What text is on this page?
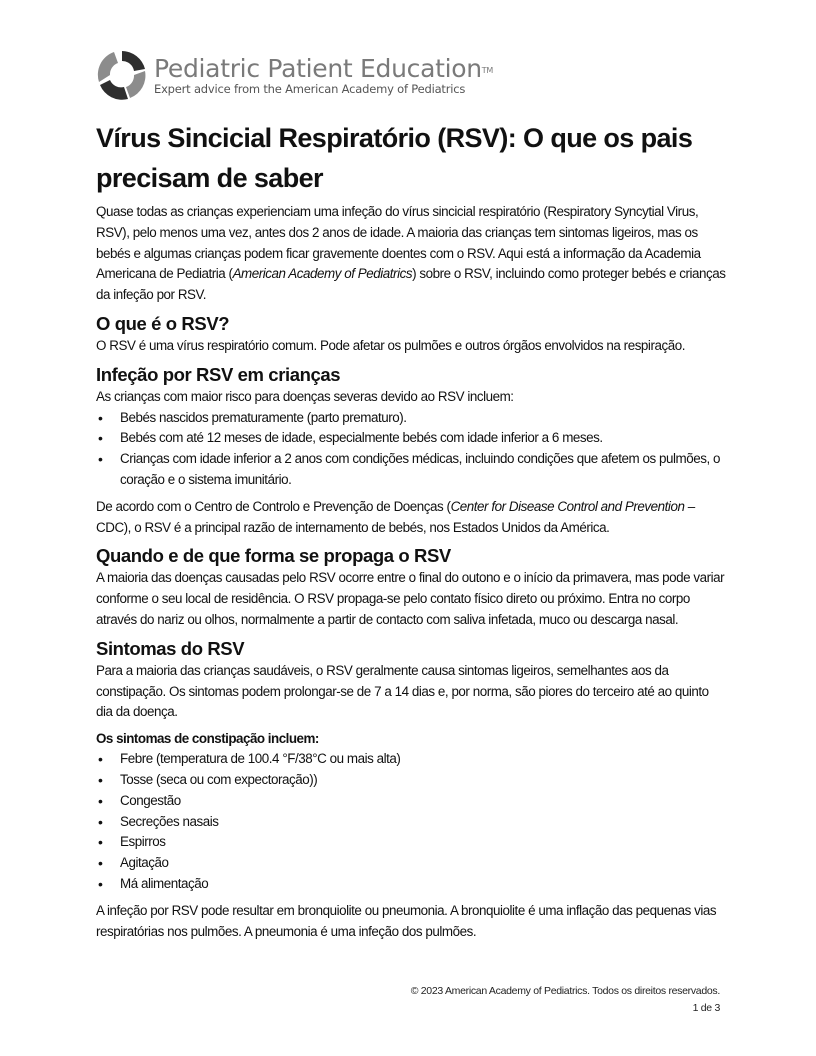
Pediatric Patient Education™
Expert advice from the American Academy of Pediatrics
Vírus Sincicial Respiratório (RSV): O que os pais precisam de saber

Quase todas as crianças experienciam uma infeção do vírus sincicial respiratório (Respiratory Syncytial Virus, RSV), pelo menos uma vez, antes dos 2 anos de idade. A maioria das crianças tem sintomas ligeiros, mas os bebés e algumas crianças podem ficar gravemente doentes com o RSV. Aqui está a informação da Academia Americana de Pediatria (American Academy of Pediatrics) sobre o RSV, incluindo como proteger bebés e crianças da infeção por RSV.

O que é o RSV?

O RSV é uma vírus respiratório comum. Pode afetar os pulmões e outros órgãos envolvidos na respiração.

Infeção por RSV em crianças

As crianças com maior risco para doenças severas devido ao RSV incluem:

• Bebés nascidos prematuramente (parto prematuro).
• Bebés com até 12 meses de idade, especialmente bebés com idade inferior a 6 meses.
• Crianças com idade inferior a 2 anos com condições médicas, incluindo condições que afetem os pulmões, o coração e o sistema imunitário.

De acordo com o Centro de Controlo e Prevenção de Doenças (Center for Disease Control and Prevention – CDC), o RSV é a principal razão de internamento de bebés, nos Estados Unidos da América.

Quando e de que forma se propaga o RSV

A maioria das doenças causadas pelo RSV ocorre entre o final do outono e o início da primavera, mas pode variar conforme o seu local de residência. O RSV propaga-se pelo contato físico direto ou próximo. Entra no corpo através do nariz ou olhos, normalmente a partir de contacto com saliva infetada, muco ou descarga nasal.

Sintomas do RSV

Para a maioria das crianças saudáveis, o RSV geralmente causa sintomas ligeiros, semelhantes aos da constipação. Os sintomas podem prolongar-se de 7 a 14 dias e, por norma, são piores do terceiro até ao quinto dia da doença.

Os sintomas de constipação incluem:
• Febre (temperatura de 100.4 °F/38°C ou mais alta)
• Tosse (seca ou com expectoração))
• Congestão
• Secreções nasais
• Espirros
• Agitação
• Má alimentação

A infeção por RSV pode resultar em bronquiolite ou pneumonia. A bronquiolite é uma inflação das pequenas vias respiratórias nos pulmões. A pneumonia é uma infeção dos pulmões.

© 2023 American Academy of Pediatrics. Todos os direitos reservados.
1 de 3
